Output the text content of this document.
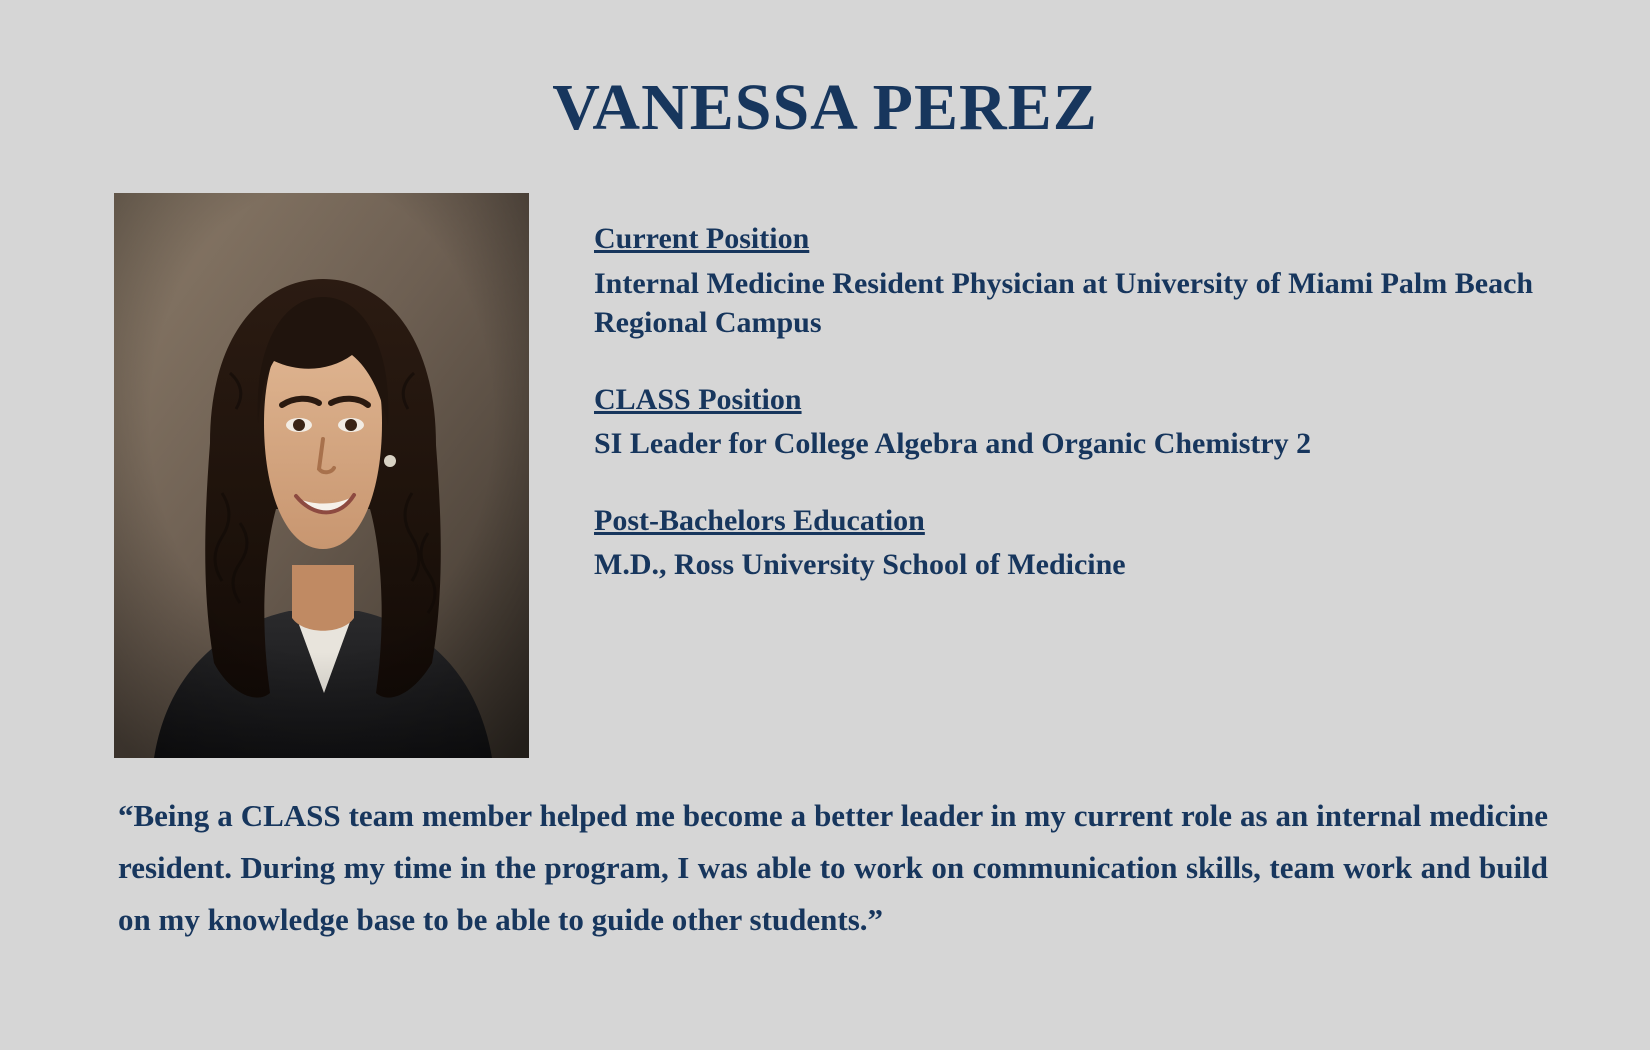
VANESSA PEREZ
Current Position
Internal Medicine Resident Physician at University of Miami Palm Beach Regional Campus
CLASS Position
SI Leader for College Algebra and Organic Chemistry 2
Post-Bachelors Education
M.D., Ross University School of Medicine
“Being a CLASS team member helped me become a better leader in my current role as an internal medicine resident. During my time in the program, I was able to work on communication skills, team work and build on my knowledge base to be able to guide other students.”
